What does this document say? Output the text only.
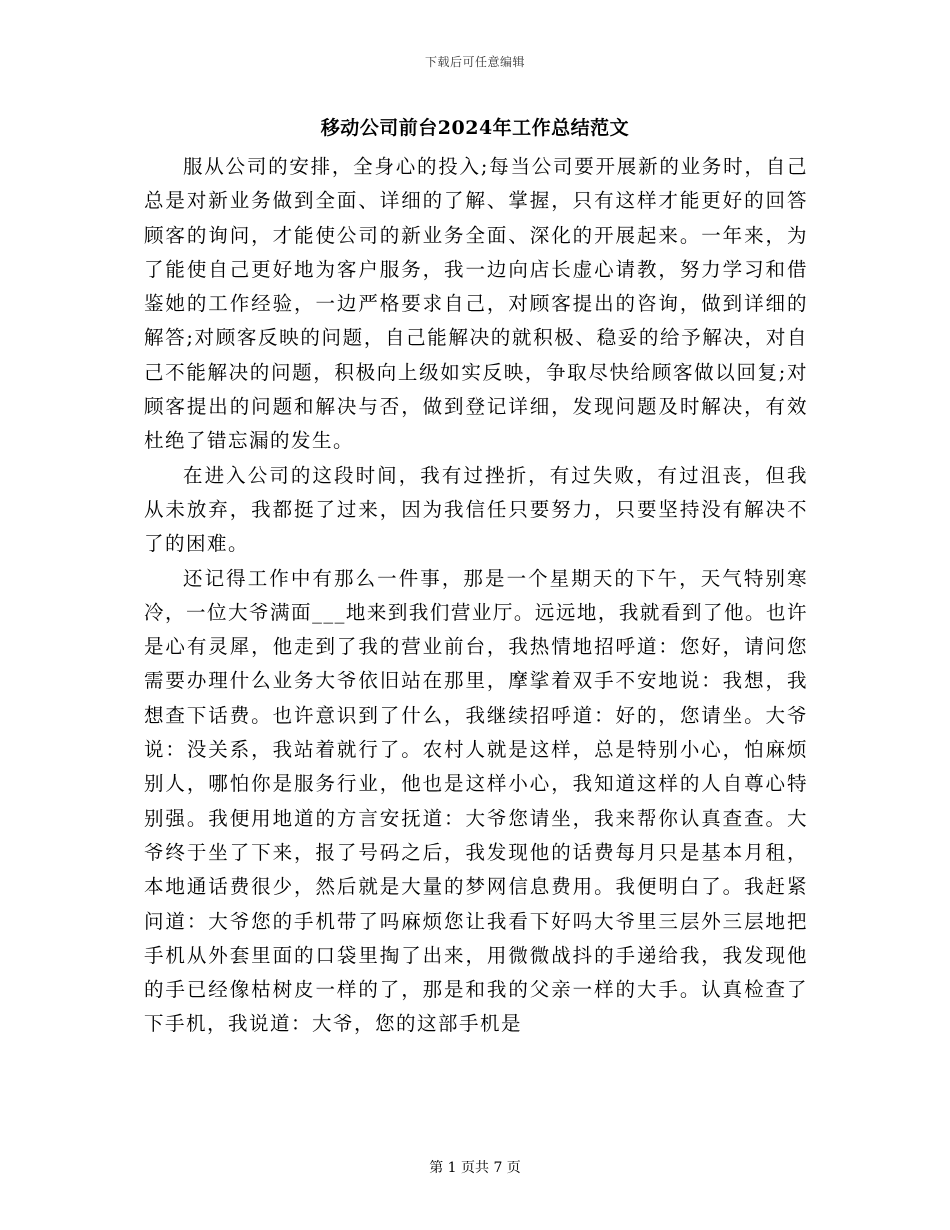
下载后可任意编辑
移动公司前台2024年工作总结范文

服从公司的安排，全身心的投入;每当公司要开展新的业务时，自己总是对新业务做到全面、详细的了解、掌握，只有这样才能更好的回答顾客的询问，才能使公司的新业务全面、深化的开展起来。一年来，为了能使自己更好地为客户服务，我一边向店长虚心请教，努力学习和借鉴她的工作经验，一边严格要求自己，对顾客提出的咨询，做到详细的解答;对顾客反映的问题，自己能解决的就积极、稳妥的给予解决，对自己不能解决的问题，积极向上级如实反映，争取尽快给顾客做以回复;对顾客提出的问题和解决与否，做到登记详细，发现问题及时解决，有效杜绝了错忘漏的发生。

在进入公司的这段时间，我有过挫折，有过失败，有过沮丧，但我从未放弃，我都挺了过来，因为我信任只要努力，只要坚持没有解决不了的困难。

还记得工作中有那么一件事，那是一个星期天的下午，天气特别寒冷，一位大爷满面___地来到我们营业厅。远远地，我就看到了他。也许是心有灵犀，他走到了我的营业前台，我热情地招呼道：您好，请问您需要办理什么业务大爷依旧站在那里，摩挲着双手不安地说：我想，我想查下话费。也许意识到了什么，我继续招呼道：好的，您请坐。大爷说：没关系，我站着就行了。农村人就是这样，总是特别小心，怕麻烦别人，哪怕你是服务行业，他也是这样小心，我知道这样的人自尊心特别强。我便用地道的方言安抚道：大爷您请坐，我来帮你认真查查。大爷终于坐了下来，报了号码之后，我发现他的话费每月只是基本月租，本地通话费很少，然后就是大量的梦网信息费用。我便明白了。我赶紧问道：大爷您的手机带了吗麻烦您让我看下好吗大爷里三层外三层地把手机从外套里面的口袋里掏了出来，用微微战抖的手递给我，我发现他的手已经像枯树皮一样的了，那是和我的父亲一样的大手。认真检查了下手机，我说道：大爷，您的这部手机是

第 1 页共 7 页
